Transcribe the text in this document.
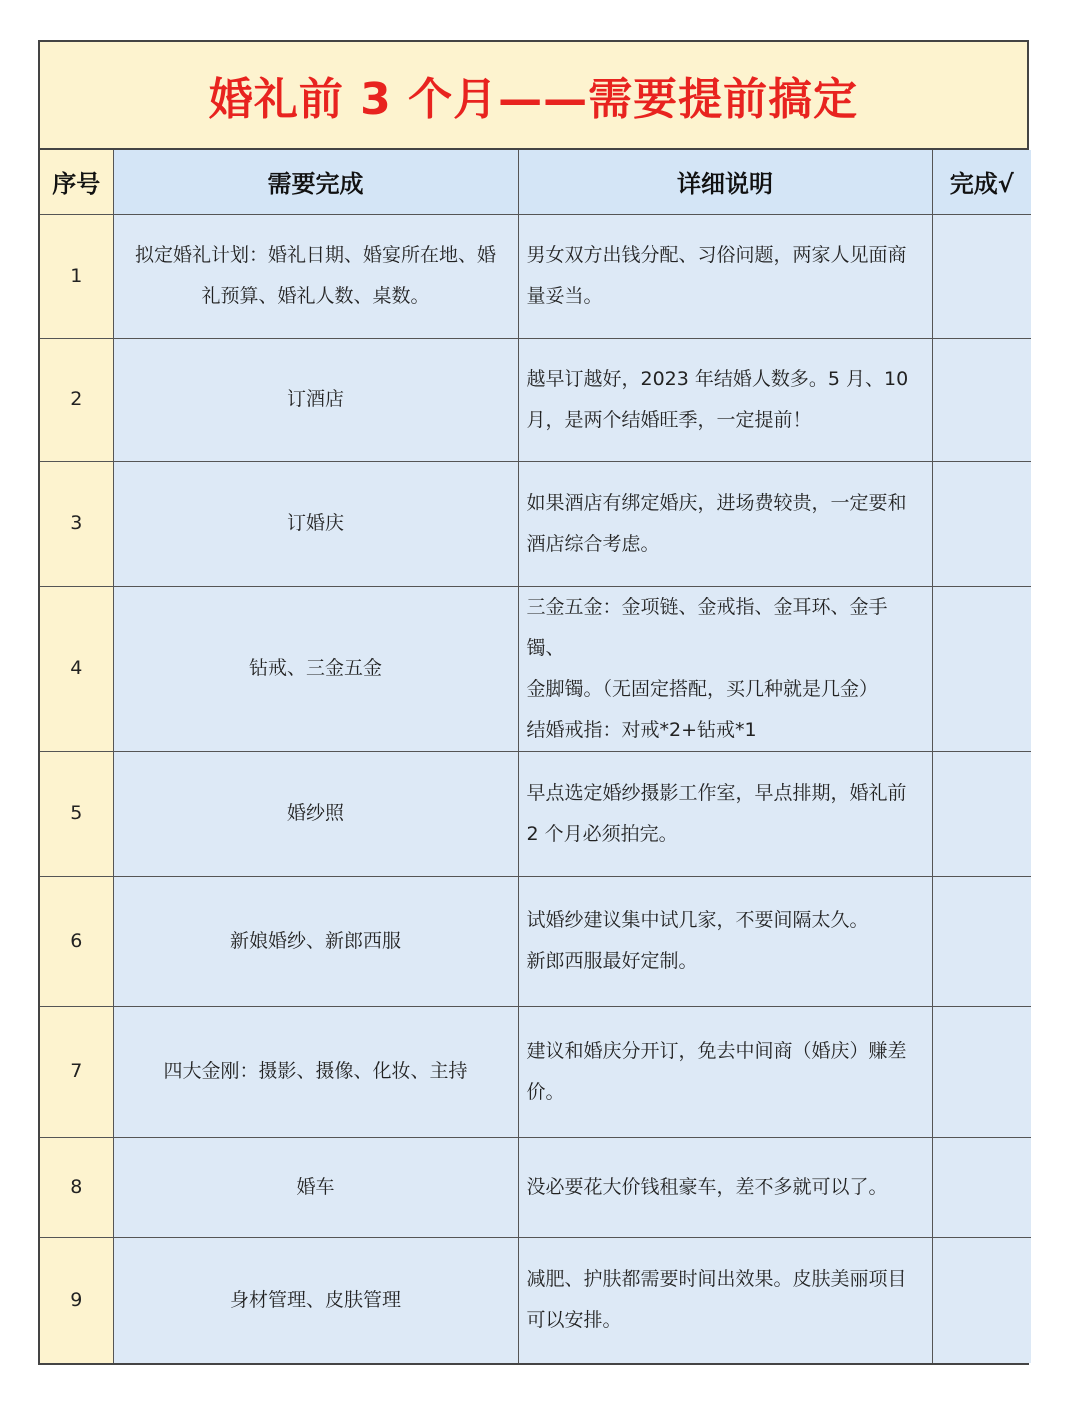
婚礼前 3 个月——需要提前搞定
序号	需要完成	详细说明	完成√
1	拟定婚礼计划：婚礼日期、婚宴所在地、婚
礼预算、婚礼人数、桌数。	男女双方出钱分配、习俗问题，两家人见面商
量妥当。	

2	订酒店	越早订越好，2023 年结婚人数多。5 月、10
月，是两个结婚旺季，一定提前！	

3	订婚庆	如果酒店有绑定婚庆，进场费较贵，一定要和
酒店综合考虑。	

4	钻戒、三金五金	三金五金：金项链、金戒指、金耳环、金手镯、
金脚镯。（无固定搭配，买几种就是几金）
结婚戒指：对戒*2+钻戒*1	

5	婚纱照	早点选定婚纱摄影工作室，早点排期，婚礼前
2 个月必须拍完。	

6	新娘婚纱、新郎西服	试婚纱建议集中试几家，不要间隔太久。
新郎西服最好定制。	

7	四大金刚：摄影、摄像、化妆、主持	建议和婚庆分开订，免去中间商（婚庆）赚差
价。	

8	婚车	没必要花大价钱租豪车，差不多就可以了。	

9	身材管理、皮肤管理	减肥、护肤都需要时间出效果。皮肤美丽项目
可以安排。	
